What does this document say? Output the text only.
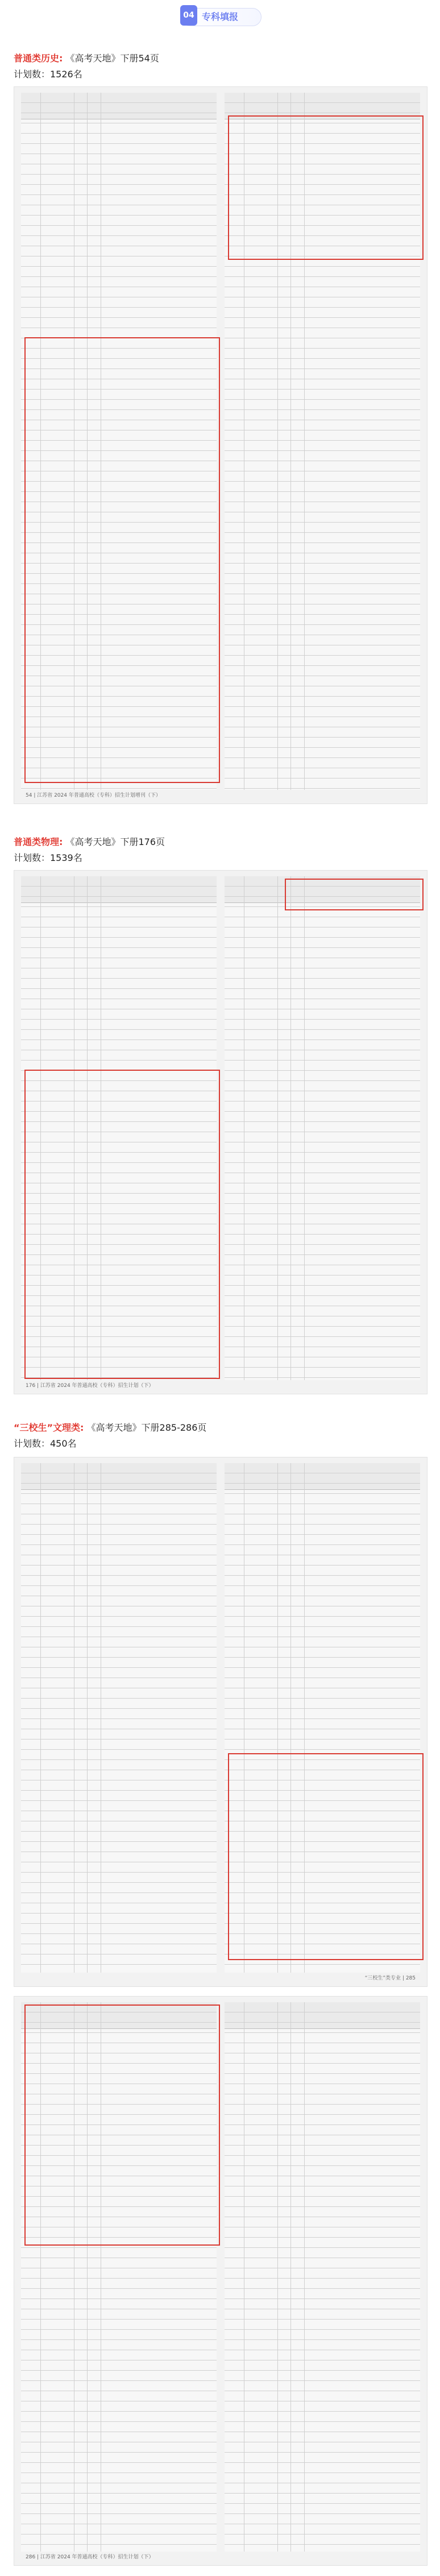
04 专科填报
普通类历史: 《高考天地》下册54页
计划数：1526名
54 | 江苏省 2024 年普通高校（专科）招生计划增刊（下）
普通类物理: 《高考天地》下册176页
计划数：1539名
176 | 江苏省 2024 年普通高校（专科）招生计划（下）
“三校生”文理类: 《高考天地》下册285-286页
计划数：450名
“三校生”类专业 | 285
286 | 江苏省 2024 年普通高校（专科）招生计划（下）
